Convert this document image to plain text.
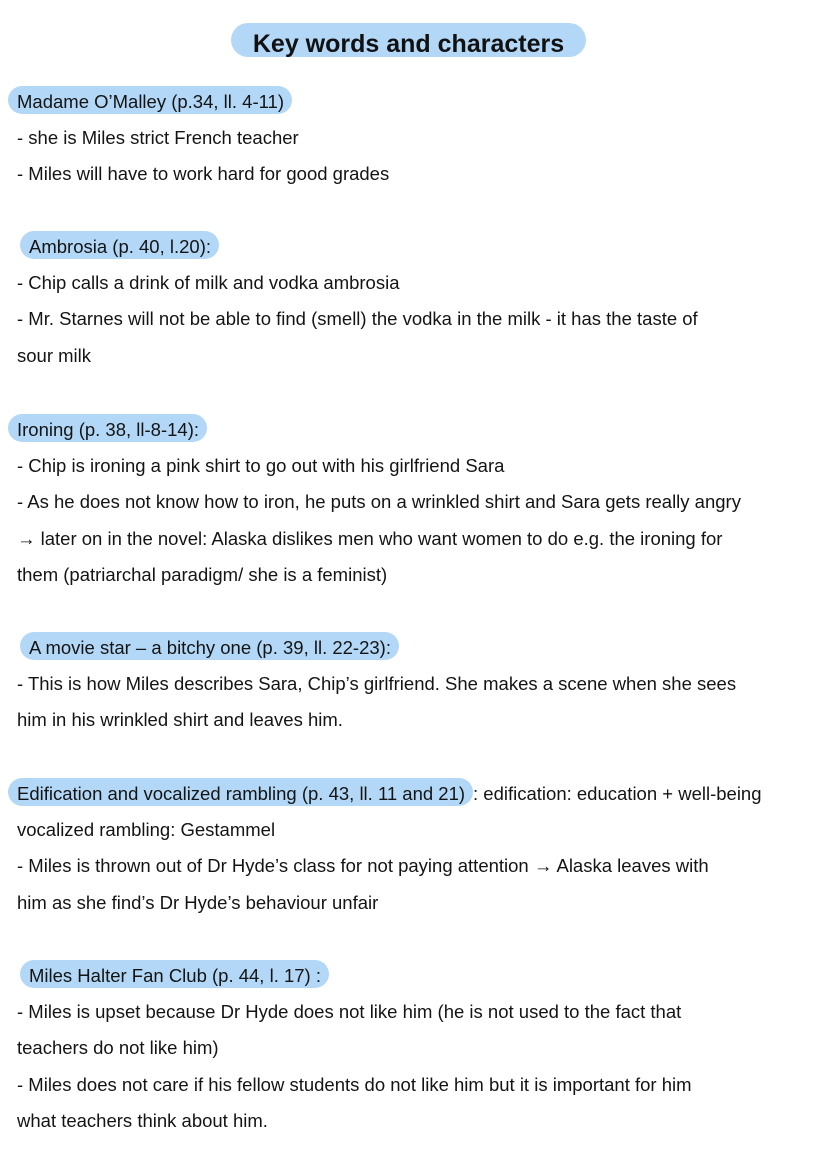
Key words and characters
Madame O’Malley (p.34, ll. 4-11)
- she is Miles strict French teacher
- Miles will have to work hard for good grades
Ambrosia (p. 40, l.20):
- Chip calls a drink of milk and vodka ambrosia
- Mr. Starnes will not be able to find (smell) the vodka in the milk - it has the taste of
sour milk
Ironing (p. 38, ll-8-14):
- Chip is ironing a pink shirt to go out with his girlfriend Sara
- As he does not know how to iron, he puts on a wrinkled shirt and Sara gets really angry
→ later on in the novel: Alaska dislikes men who want women to do e.g. the ironing for
them (patriarchal paradigm/ she is a feminist)
A movie star – a bitchy one (p. 39, ll. 22-23):
- This is how Miles describes Sara, Chip’s girlfriend. She makes a scene when she sees
him in his wrinkled shirt and leaves him.
Edification and vocalized rambling (p. 43, ll. 11 and 21) : edification: education + well-being
vocalized rambling: Gestammel
- Miles is thrown out of Dr Hyde’s class for not paying attention → Alaska leaves with
him as she find’s Dr Hyde’s behaviour unfair
Miles Halter Fan Club (p. 44, l. 17) :
- Miles is upset because Dr Hyde does not like him (he is not used to the fact that
teachers do not like him)
- Miles does not care if his fellow students do not like him but it is important for him
what teachers think about him.
